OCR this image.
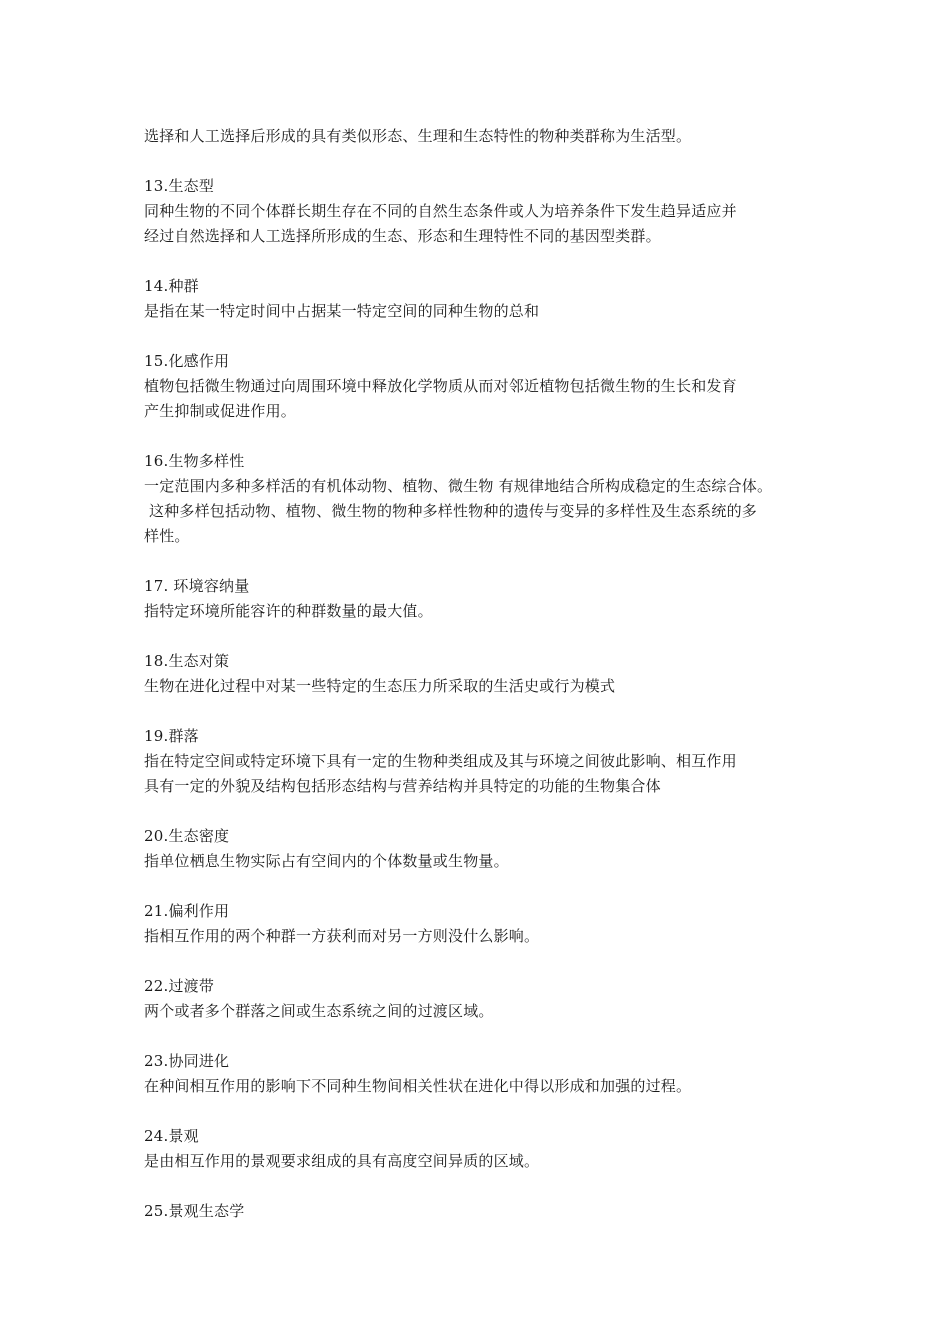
选择和人工选择后形成的具有类似形态、生理和生态特性的物种类群称为生活型。
13.生态型
同种生物的不同个体群长期生存在不同的自然生态条件或人为培养条件下发生趋异适应并
经过自然选择和人工选择所形成的生态、形态和生理特性不同的基因型类群。
14.种群
是指在某一特定时间中占据某一特定空间的同种生物的总和
15.化感作用
植物包括微生物通过向周围环境中释放化学物质从而对邻近植物包括微生物的生长和发育
产生抑制或促进作用。
16.生物多样性
一定范围内多种多样活的有机体动物、植物、微生物 有规律地结合所构成稳定的生态综合体。
这种多样包括动物、植物、微生物的物种多样性物种的遗传与变异的多样性及生态系统的多
样性。
17. 环境容纳量
指特定环境所能容许的种群数量的最大值。
18.生态对策
生物在进化过程中对某一些特定的生态压力所采取的生活史或行为模式
19.群落
指在特定空间或特定环境下具有一定的生物种类组成及其与环境之间彼此影响、相互作用
具有一定的外貌及结构包括形态结构与营养结构并具特定的功能的生物集合体
20.生态密度
指单位栖息生物实际占有空间内的个体数量或生物量。
21.偏利作用
指相互作用的两个种群一方获利而对另一方则没什么影响。
22.过渡带
两个或者多个群落之间或生态系统之间的过渡区域。
23.协同进化
在种间相互作用的影响下不同种生物间相关性状在进化中得以形成和加强的过程。
24.景观
是由相互作用的景观要求组成的具有高度空间异质的区域。
25.景观生态学
